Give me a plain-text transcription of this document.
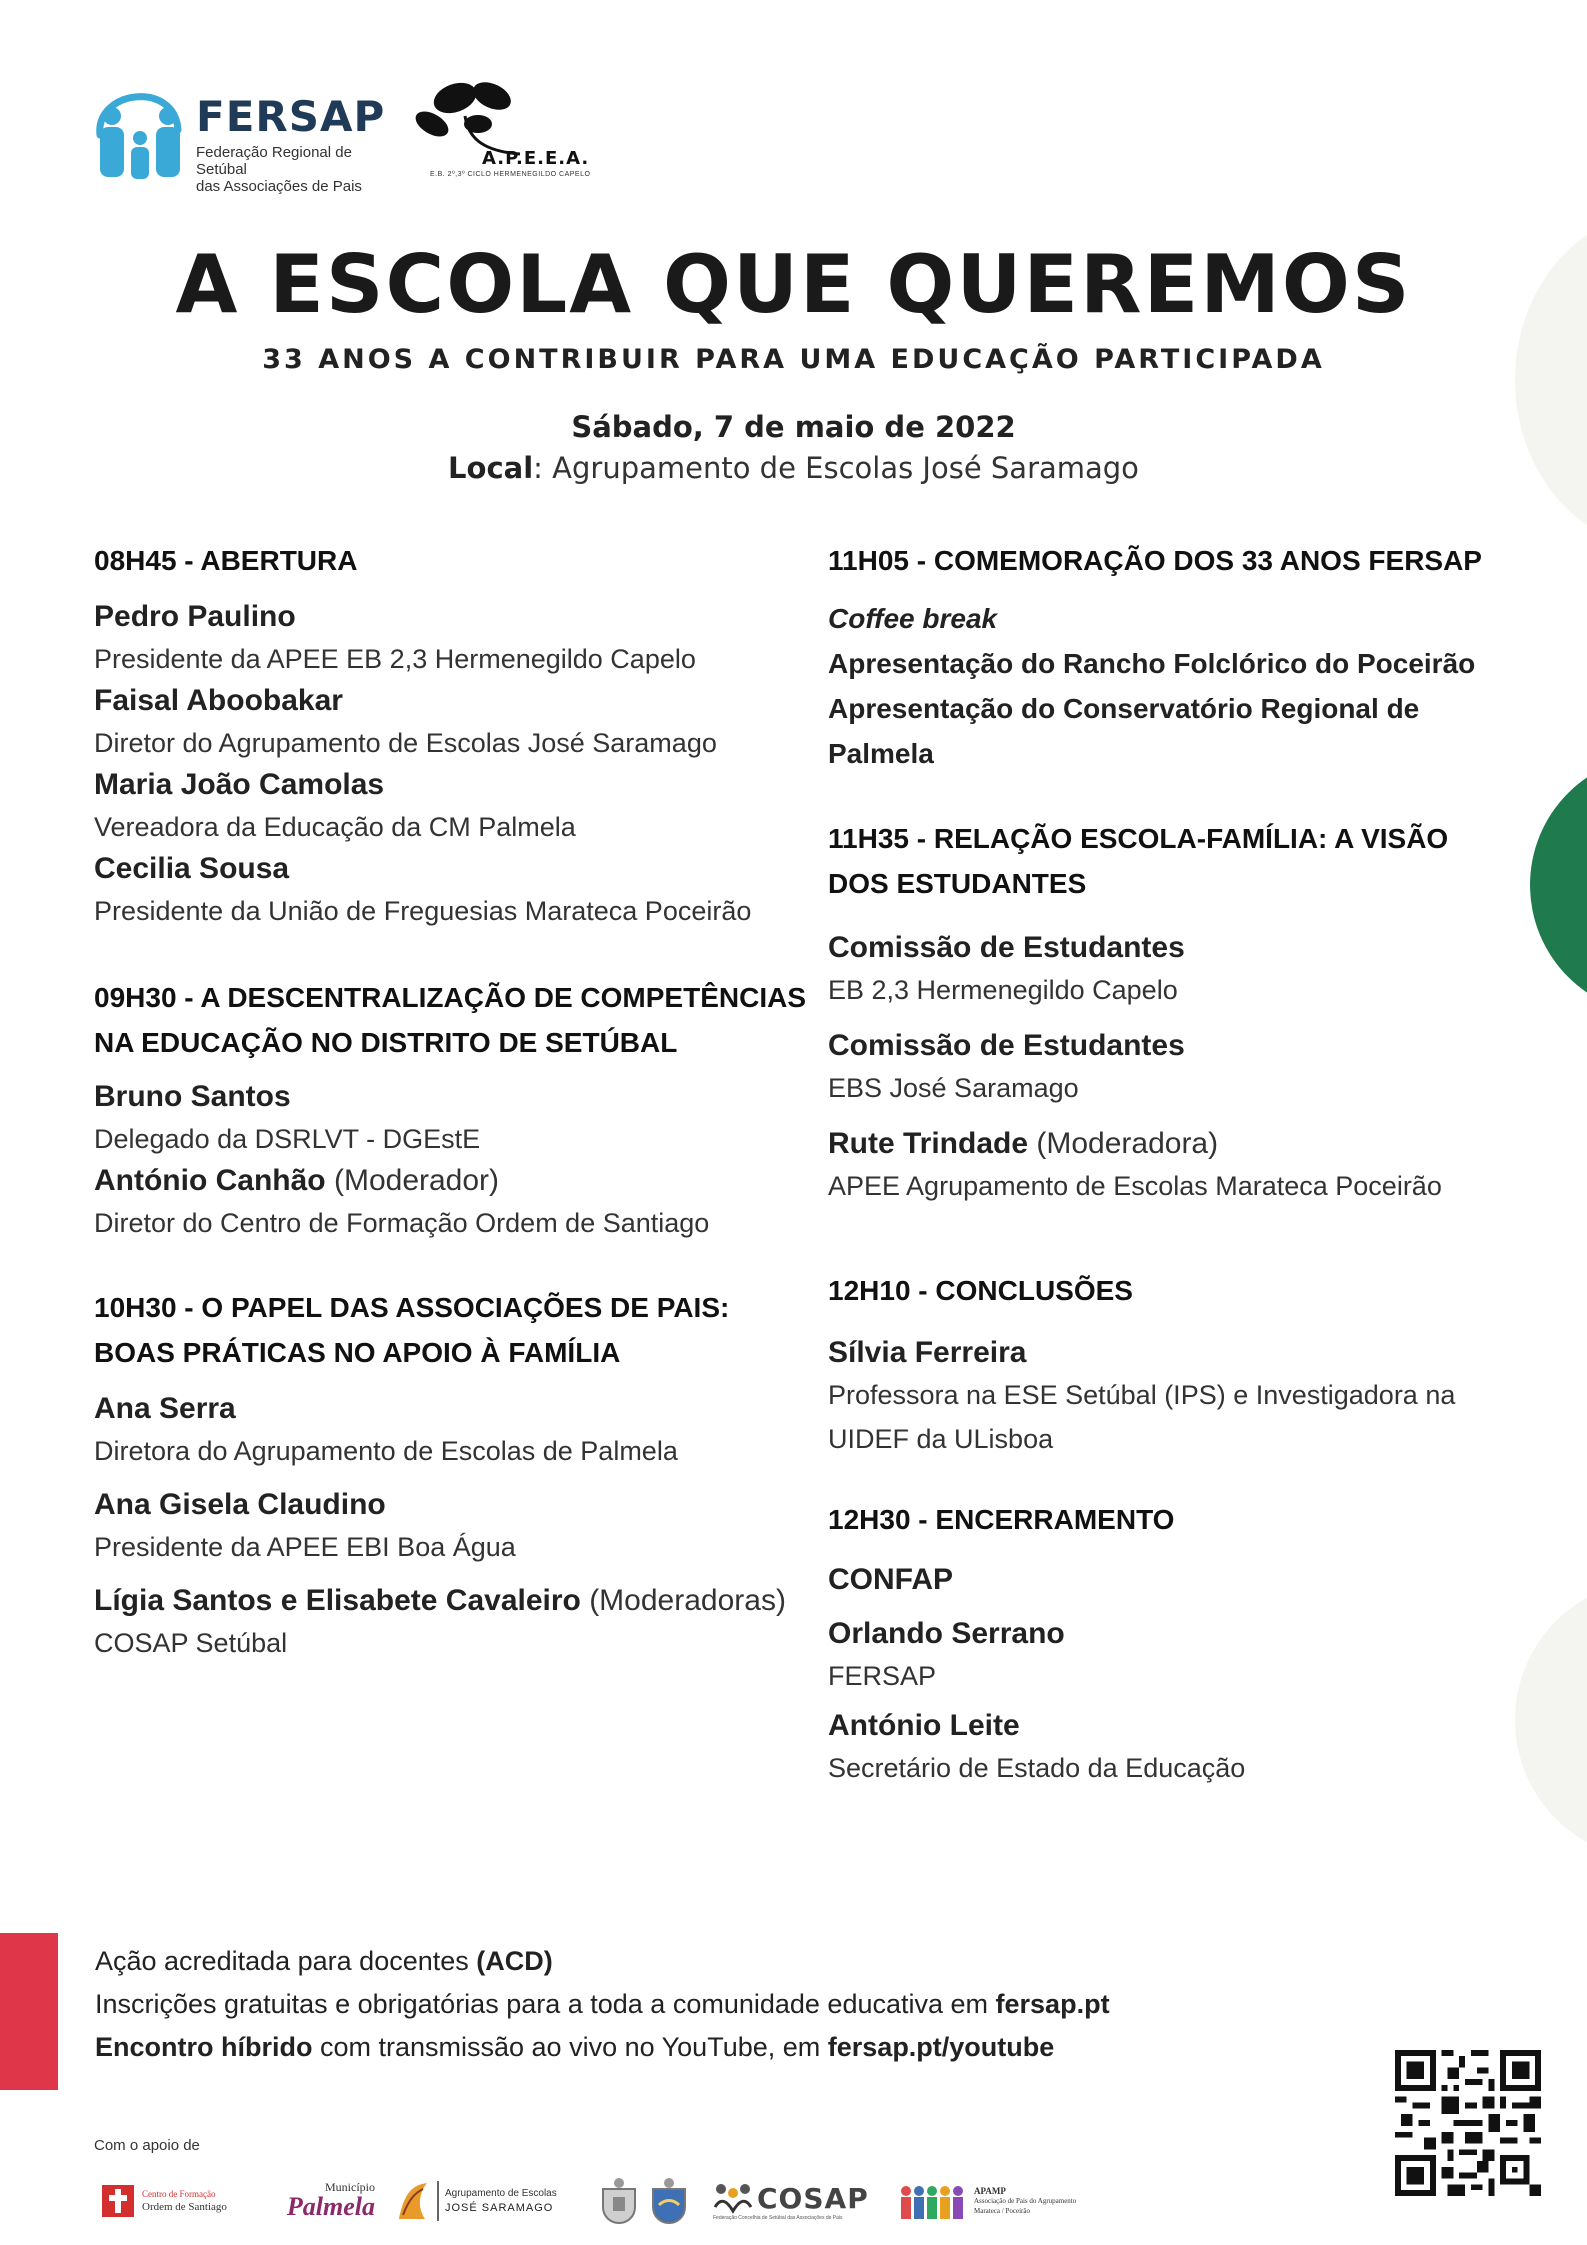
FERSAP
Federação Regional de Setúbal
das Associações de Pais
A.P.E.E.A.
E.B. 2º,3º CICLO HERMENEGILDO CAPELO
A ESCOLA QUE QUEREMOS
33 ANOS A CONTRIBUIR PARA UMA EDUCAÇÃO PARTICIPADA
Sábado, 7 de maio de 2022
Local: Agrupamento de Escolas José Saramago
08H45 - ABERTURA
Pedro Paulino
Presidente da APEE EB 2,3 Hermenegildo Capelo
Faisal Aboobakar
Diretor do Agrupamento de Escolas José Saramago
Maria João Camolas
Vereadora da Educação da CM Palmela
Cecilia Sousa
Presidente da União de Freguesias Marateca Poceirão
09H30 - A DESCENTRALIZAÇÃO DE COMPETÊNCIAS
NA EDUCAÇÃO NO DISTRITO DE SETÚBAL
Bruno Santos
Delegado da DSRLVT - DGEstE
António Canhão (Moderador)
Diretor do Centro de Formação Ordem de Santiago
10H30 - O PAPEL DAS ASSOCIAÇÕES DE PAIS:
BOAS PRÁTICAS NO APOIO À FAMÍLIA
Ana Serra
Diretora do Agrupamento de Escolas de Palmela
Ana Gisela Claudino
Presidente da APEE EBI Boa Água
Lígia Santos e Elisabete Cavaleiro (Moderadoras)
COSAP Setúbal
11H05 - COMEMORAÇÃO DOS 33 ANOS FERSAP
Coffee break
Apresentação do Rancho Folclórico do Poceirão
Apresentação do Conservatório Regional de
Palmela
11H35 - RELAÇÃO ESCOLA-FAMÍLIA: A VISÃO
DOS ESTUDANTES
Comissão de Estudantes
EB 2,3 Hermenegildo Capelo
Comissão de Estudantes
EBS José Saramago
Rute Trindade (Moderadora)
APEE Agrupamento de Escolas Marateca Poceirão
12H10 - CONCLUSÕES
Sílvia Ferreira
Professora na ESE Setúbal (IPS) e Investigadora na
UIDEF da ULisboa
12H30 - ENCERRAMENTO
CONFAP
Orlando Serrano
FERSAP
António Leite
Secretário de Estado da Educação
Ação acreditada para docentes (ACD)
Inscrições gratuitas e obrigatórias para a toda a comunidade educativa em fersap.pt
Encontro híbrido com transmissão ao vivo no YouTube, em fersap.pt/youtube
Com o apoio de
Centro de Formação
Ordem de Santiago
Município
Palmela	Agrupamento de Escolas
JOSÉ SARAMAGO	COSAP
Federação Concelhia de Setúbal das Associações de Pais
APAMP
Associação de Pais do Agrupamento
Marateca / Poceirão
